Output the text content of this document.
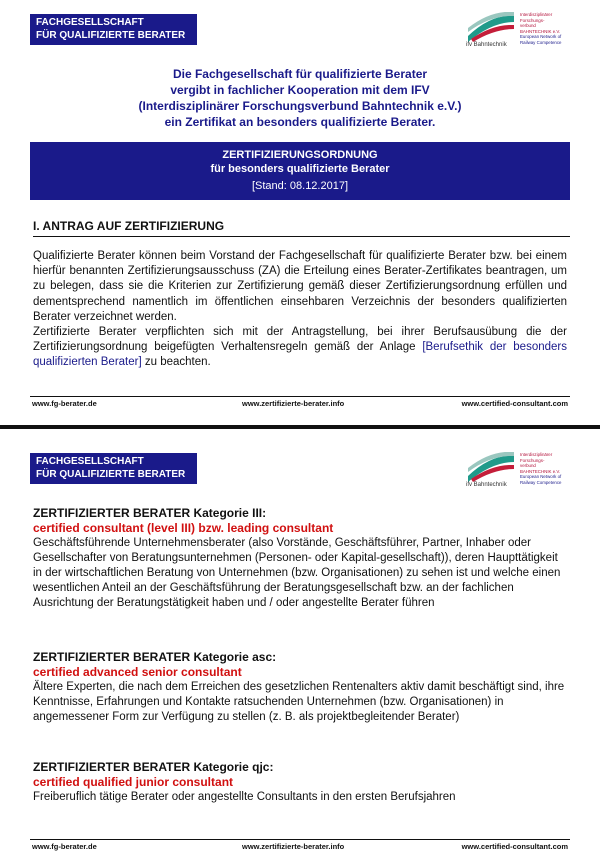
FACHGESELLSCHAFT
FÜR QUALIFIZIERTE BERATER
ifv Bahntechnik
Interdisziplinärer
Forschungs-
verbund
BAHNTECHNIK e.V.
European Network of
Railway Competence
Die Fachgesellschaft für qualifizierte Berater
vergibt in fachlicher Kooperation mit dem IFV
(Interdisziplinärer Forschungsverbund Bahntechnik e.V.)
ein Zertifikat an besonders qualifizierte Berater.
ZERTIFIZIERUNGSORDNUNG
für besonders qualifizierte Berater
[Stand: 08.12.2017]
I. ANTRAG AUF ZERTIFIZIERUNG

Qualifizierte Berater können beim Vorstand der Fachgesellschaft für qualifizierte Berater bzw. bei einem hierfür benannten Zertifizierungsausschuss (ZA) die Erteilung eines Berater-Zertifikates beantragen, um zu belegen, dass sie die Kriterien zur Zertifizierung gemäß dieser Zertifizierungsordnung erfüllen und dementsprechend namentlich im öffentlichen einsehbaren Verzeichnis der besonders qualifizierten Berater verzeichnet werden.

Zertifizierte Berater verpflichten sich mit der Antragstellung, bei ihrer Berufsausübung die der Zertifizierungsordnung beigefügten Verhaltensregeln gemäß der Anlage [Berufsethik der besonders qualifizierten Berater] zu beachten.

www.fg-berater.de	www.zertifizierte-berater.info	www.certified-consultant.com
FACHGESELLSCHAFT
FÜR QUALIFIZIERTE BERATER
ifv Bahntechnik
Interdisziplinärer
Forschungs-
verbund
BAHNTECHNIK e.V.
European Network of
Railway Competence
ZERTIFIZIERTER BERATER Kategorie III:
certified consultant (level III) bzw. leading consultant
Geschäftsführende Unternehmensberater (also Vorstände, Geschäftsführer, Partner, Inhaber oder Gesellschafter von Beratungsunternehmen (Personen- oder Kapital-gesellschaft)), deren Haupttätigkeit in der wirtschaftlichen Beratung von Unternehmen (bzw. Organisationen) zu sehen ist und welche einen wesentlichen Anteil an der Geschäftsführung der Beratungsgesellschaft bzw. an der fachlichen Ausrichtung der Beratungstätigkeit haben und / oder angestellte Berater führen
ZERTIFIZIERTER BERATER Kategorie asc:
certified advanced senior consultant
Ältere Experten, die nach dem Erreichen des gesetzlichen Rentenalters aktiv damit beschäftigt sind, ihre Kenntnisse, Erfahrungen und Kontakte ratsuchenden Unternehmen (bzw. Organisationen) in angemessener Form zur Verfügung zu stellen (z. B. als projektbegleitender Berater)
ZERTIFIZIERTER BERATER Kategorie qjc:
certified qualified junior consultant
Freiberuflich tätige Berater oder angestellte Consultants in den ersten Berufsjahren
www.fg-berater.de	www.zertifizierte-berater.info	www.certified-consultant.com
